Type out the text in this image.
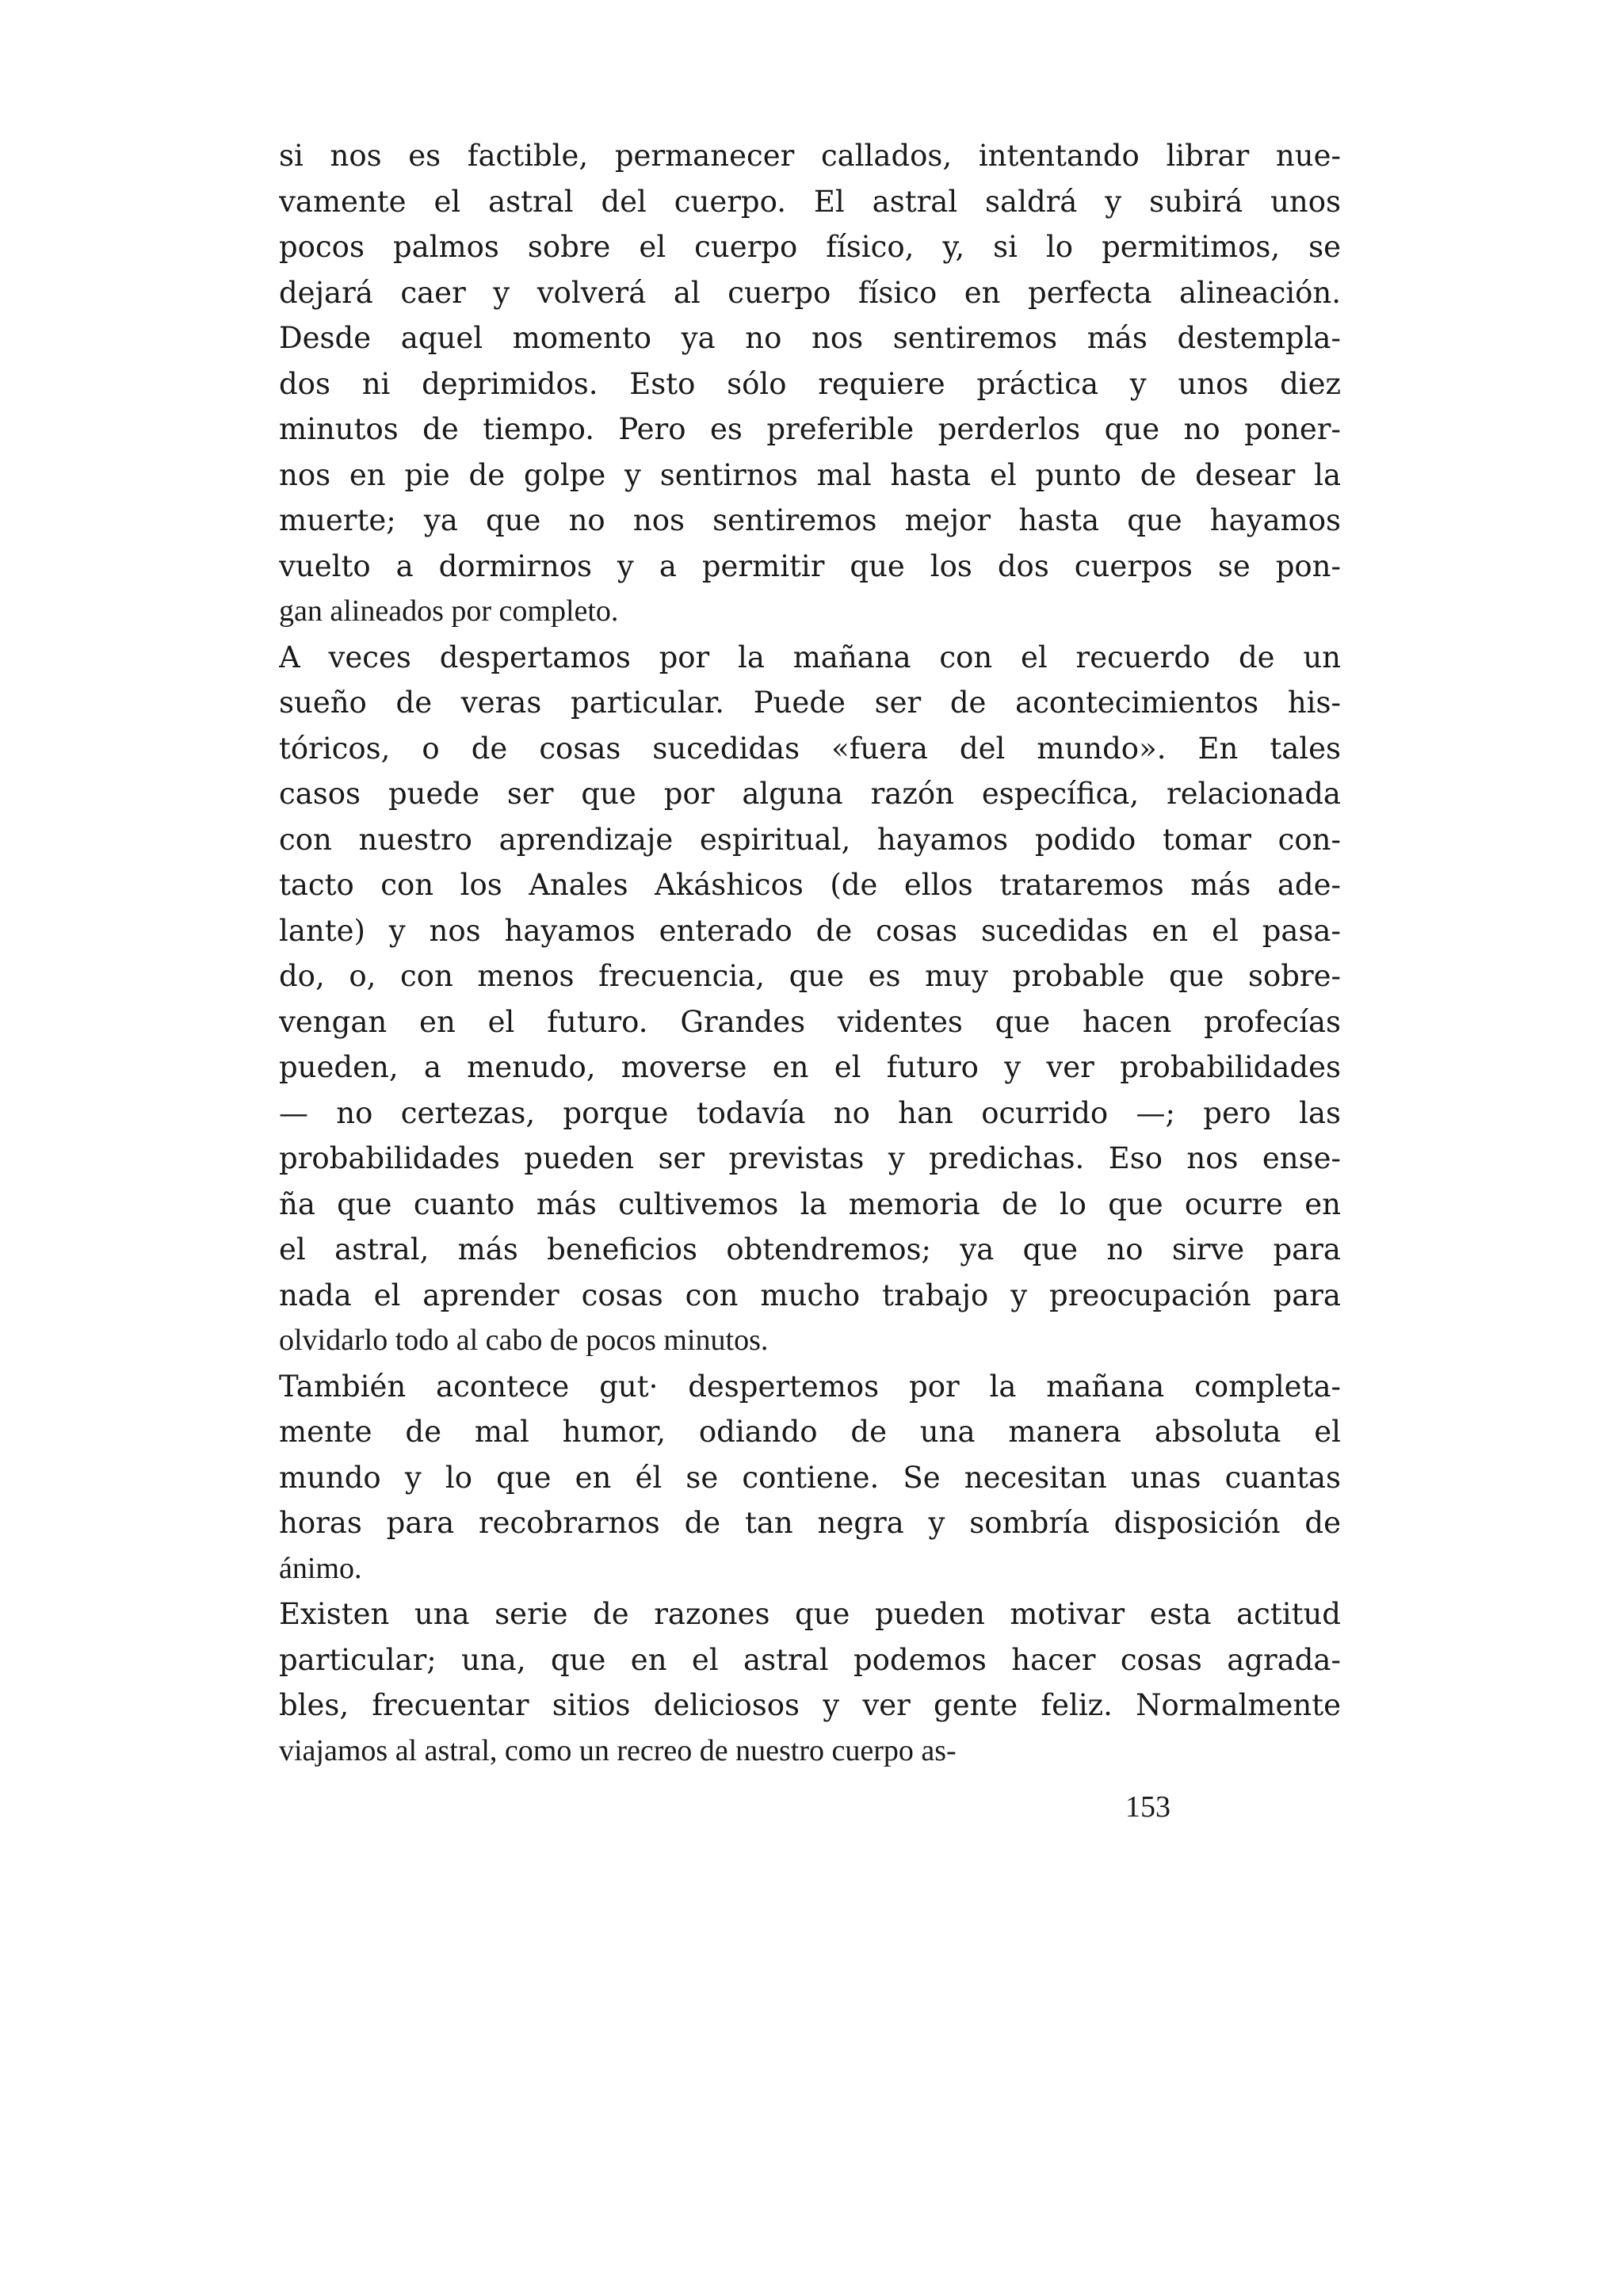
si nos es factible, permanecer callados, intentando librar nue-
vamente el astral del cuerpo. El astral saldrá y subirá unos
pocos palmos sobre el cuerpo físico, y, si lo permitimos, se
dejará caer y volverá al cuerpo físico en perfecta alineación.
Desde aquel momento ya no nos sentiremos más destempla-
dos ni deprimidos. Esto sólo requiere práctica y unos diez
minutos de tiempo. Pero es preferible perderlos que no poner-
nos en pie de golpe y sentirnos mal hasta el punto de desear la
muerte; ya que no nos sentiremos mejor hasta que hayamos
vuelto a dormirnos y a permitir que los dos cuerpos se pon-
gan alineados por completo.
A veces despertamos por la mañana con el recuerdo de un
sueño de veras particular. Puede ser de acontecimientos his-
tóricos, o de cosas sucedidas «fuera del mundo». En tales
casos puede ser que por alguna razón específica, relacionada
con nuestro aprendizaje espiritual, hayamos podido tomar con-
tacto con los Anales Akáshicos (de ellos trataremos más ade-
lante) y nos hayamos enterado de cosas sucedidas en el pasa-
do, o, con menos frecuencia, que es muy probable que sobre-
vengan en el futuro. Grandes videntes que hacen profecías
pueden, a menudo, moverse en el futuro y ver probabilidades
— no certezas, porque todavía no han ocurrido —; pero las
probabilidades pueden ser previstas y predichas. Eso nos ense-
ña que cuanto más cultivemos la memoria de lo que ocurre en
el astral, más beneficios obtendremos; ya que no sirve para
nada el aprender cosas con mucho trabajo y preocupación para
olvidarlo todo al cabo de pocos minutos.
También acontece gut· despertemos por la mañana completa-
mente de mal humor, odiando de una manera absoluta el
mundo y lo que en él se contiene. Se necesitan unas cuantas
horas para recobrarnos de tan negra y sombría disposición de
ánimo.
Existen una serie de razones que pueden motivar esta actitud
particular; una, que en el astral podemos hacer cosas agrada-
bles, frecuentar sitios deliciosos y ver gente feliz. Normalmente
viajamos al astral, como un recreo de nuestro cuerpo as-
153
